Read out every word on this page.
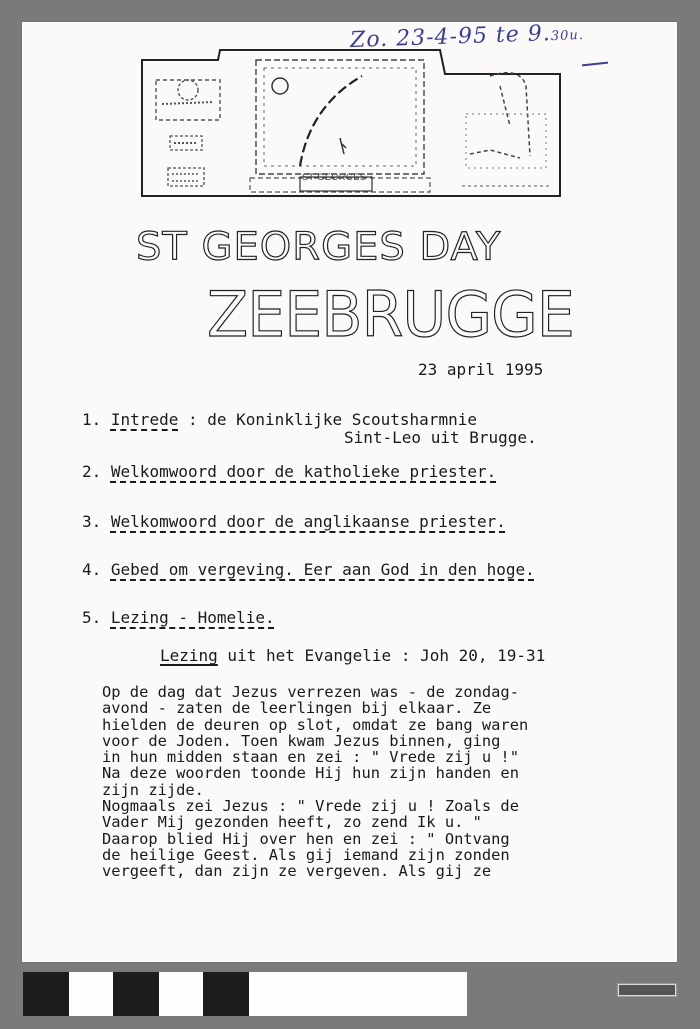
Zo. 23-4-95 te 9.30u.
ST GEORGES
ST GEORGES DAY
ZEEBRUGGE
23 april 1995
1. Intrede : de Koninklijke Scoutsharmnie
Sint-Leo uit Brugge.
2. Welkomwoord door de katholieke priester.
3. Welkomwoord door de anglikaanse priester.
4. Gebed om vergeving. Eer aan God in den hoge.
5. Lezing - Homelie.
Lezing uit het Evangelie : Joh 20, 19-31
Op de dag dat Jezus verrezen was - de zondag-
avond - zaten de leerlingen bij elkaar. Ze
hielden de deuren op slot, omdat ze bang waren
voor de Joden. Toen kwam Jezus binnen, ging
in hun midden staan en zei : " Vrede zij u !"
Na deze woorden toonde Hij hun zijn handen en
zijn zijde.
Nogmaals zei Jezus : " Vrede zij u ! Zoals de
Vader Mij gezonden heeft, zo zend Ik u. "
Daarop blied Hij over hen en zei : " Ontvang
de heilige Geest. Als gij iemand zijn zonden
vergeeft, dan zijn ze vergeven. Als gij ze
